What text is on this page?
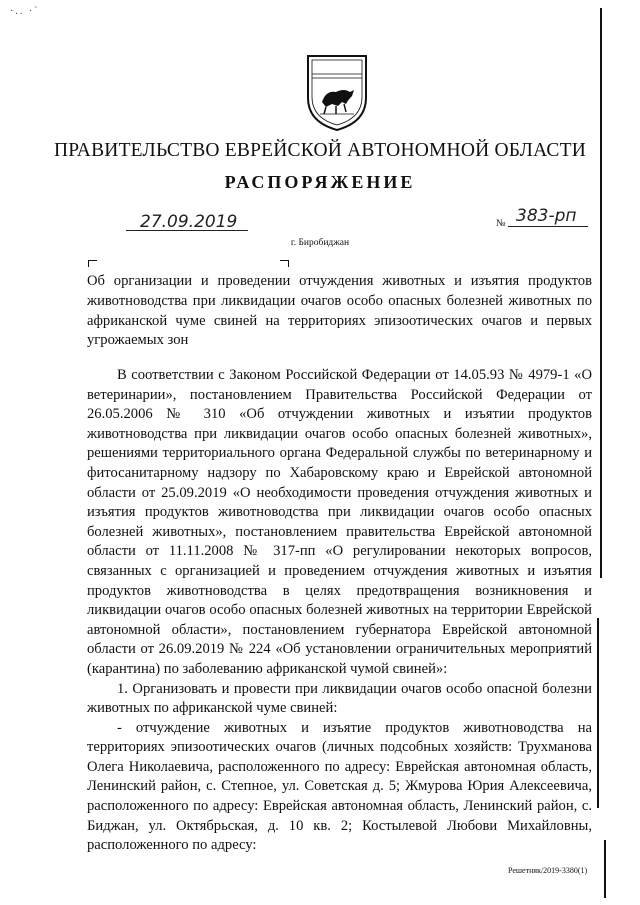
·.. ·`
ПРАВИТЕЛЬСТВО ЕВРЕЙСКОЙ АВТОНОМНОЙ ОБЛАСТИ
РАСПОРЯЖЕНИЕ
27.09.2019	№ 383-рп
г. Биробиджан
Об организации и проведении отчуждения животных и изъятия продуктов животноводства при ликвидации очагов особо опасных болезней животных по африканской чуме свиней на территориях эпизоотических очагов и первых угрожаемых зон

В соответствии с Законом Российской Федерации от 14.05.93 № 4979-1 «О ветеринарии», постановлением Правительства Российской Федерации от 26.05.2006 № 310 «Об отчуждении животных и изъятии продуктов животноводства при ликвидации очагов особо опасных болезней животных», решениями территориального органа Федеральной службы по ветеринарному и фитосанитарному надзору по Хабаровскому краю и Еврейской автономной области от 25.09.2019 «О необходимости проведения отчуждения животных и изъятия продуктов животноводства при ликвидации очагов особо опасных болезней животных», постановлением правительства Еврейской автономной области от 11.11.2008 № 317-пп «О регулировании некоторых вопросов, связанных с организацией и проведением отчуждения животных и изъятия продуктов животноводства в целях предотвращения возникновения и ликвидации очагов особо опасных болезней животных на территории Еврейской автономной области», постановлением губернатора Еврейской автономной области от 26.09.2019 № 224 «Об установлении ограничительных мероприятий (карантина) по заболеванию африканской чумой свиней»:

1. Организовать и провести при ликвидации очагов особо опасной болезни животных по африканской чуме свиней:

- отчуждение животных и изъятие продуктов животноводства на территориях эпизоотических очагов (личных подсобных хозяйств: Трухманова Олега Николаевича, расположенного по адресу: Еврейская автономная область, Ленинский район, с. Степное, ул. Советская д. 5; Жмурова Юрия Алексеевича, расположенного по адресу: Еврейская автономная область, Ленинский район, с. Биджан, ул. Октябрьская, д. 10 кв. 2; Костылевой Любови Михайловны, расположенного по адресу:

Решетняк/2019-3380(1)
